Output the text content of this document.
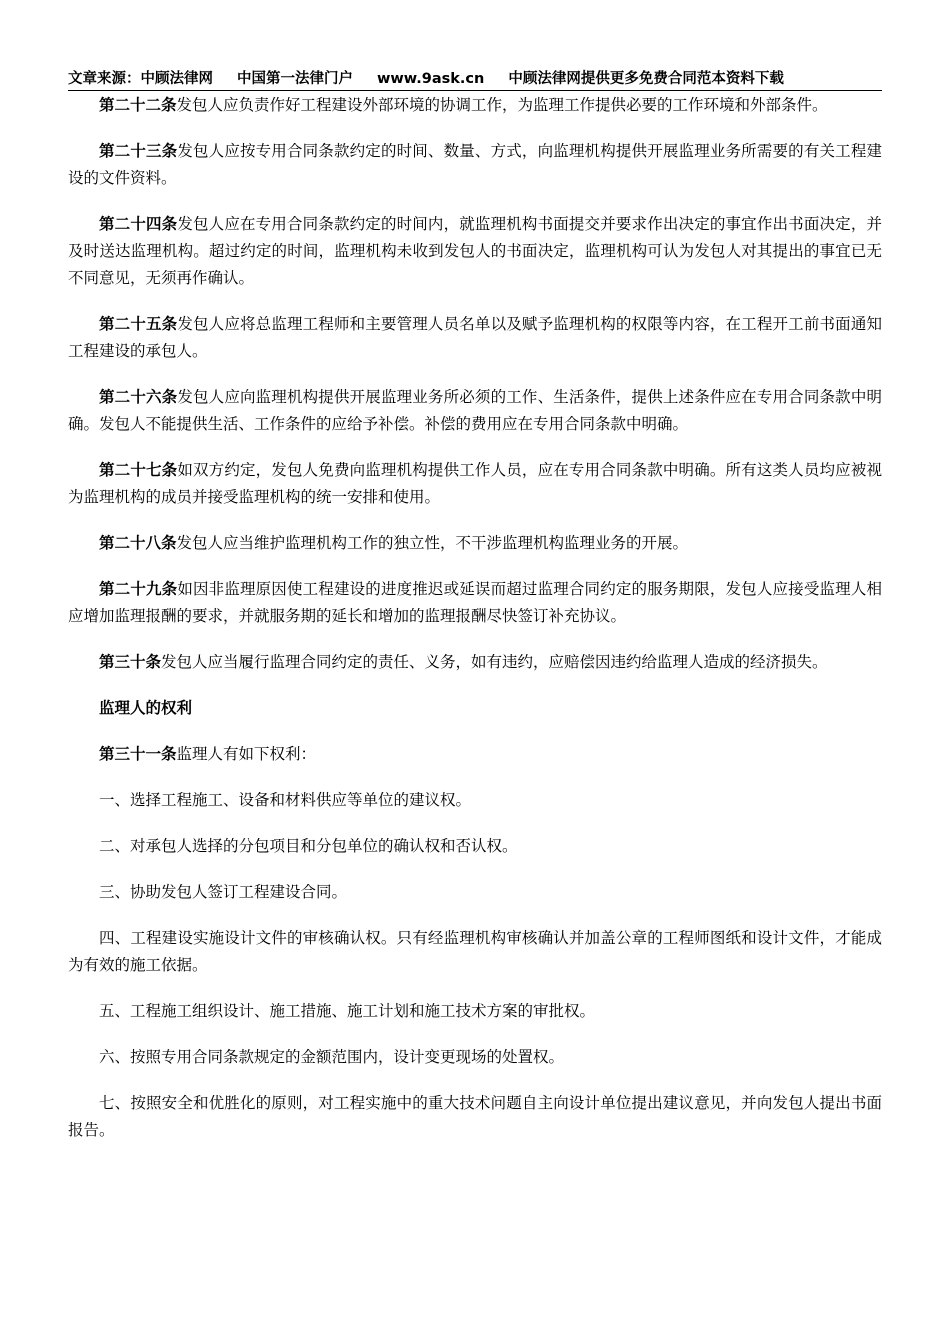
文章来源：中顾法律网 中国第一法律门户 www.9ask.cn 中顾法律网提供更多免费合同范本资料下载

第二十二条发包人应负责作好工程建设外部环境的协调工作，为监理工作提供必要的工作环境和外部条件。

第二十三条发包人应按专用合同条款约定的时间、数量、方式，向监理机构提供开展监理业务所需要的有关工程建设的文件资料。

第二十四条发包人应在专用合同条款约定的时间内，就监理机构书面提交并要求作出决定的事宜作出书面决定，并及时送达监理机构。超过约定的时间，监理机构未收到发包人的书面决定，监理机构可认为发包人对其提出的事宜已无不同意见，无须再作确认。

第二十五条发包人应将总监理工程师和主要管理人员名单以及赋予监理机构的权限等内容，在工程开工前书面通知工程建设的承包人。

第二十六条发包人应向监理机构提供开展监理业务所必须的工作、生活条件，提供上述条件应在专用合同条款中明确。发包人不能提供生活、工作条件的应给予补偿。补偿的费用应在专用合同条款中明确。

第二十七条如双方约定，发包人免费向监理机构提供工作人员，应在专用合同条款中明确。所有这类人员均应被视为监理机构的成员并接受监理机构的统一安排和使用。

第二十八条发包人应当维护监理机构工作的独立性，不干涉监理机构监理业务的开展。

第二十九条如因非监理原因使工程建设的进度推迟或延误而超过监理合同约定的服务期限，发包人应接受监理人相应增加监理报酬的要求，并就服务期的延长和增加的监理报酬尽快签订补充协议。

第三十条发包人应当履行监理合同约定的责任、义务，如有违约，应赔偿因违约给监理人造成的经济损失。

监理人的权利

第三十一条监理人有如下权利：

一、选择工程施工、设备和材料供应等单位的建议权。

二、对承包人选择的分包项目和分包单位的确认权和否认权。

三、协助发包人签订工程建设合同。

四、工程建设实施设计文件的审核确认权。只有经监理机构审核确认并加盖公章的工程师图纸和设计文件，才能成为有效的施工依据。

五、工程施工组织设计、施工措施、施工计划和施工技术方案的审批权。

六、按照专用合同条款规定的金额范围内，设计变更现场的处置权。

七、按照安全和优胜化的原则，对工程实施中的重大技术问题自主向设计单位提出建议意见，并向发包人提出书面报告。
